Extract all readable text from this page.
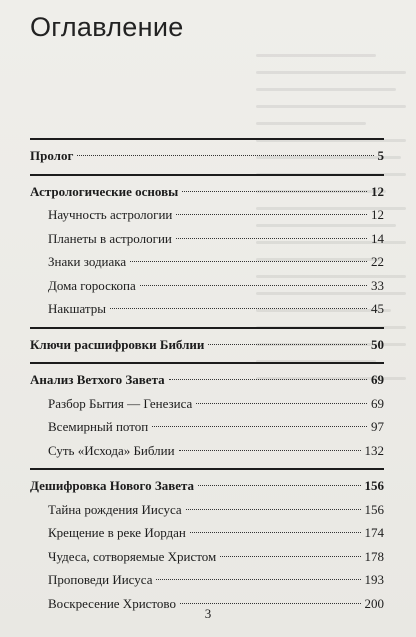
Оглавление
Пролог	5
Астрологические основы	12
Научность астрологии	12
Планеты в астрологии	14
Знаки зодиака	22
Дома гороскопа	33
Накшатры	45
Ключи расшифровки Библии	50
Анализ Ветхого Завета	69
Разбор Бытия — Генезиса	69
Всемирный потоп	97
Суть «Исхода» Библии	132
Дешифровка Нового Завета	156
Тайна рождения Иисуса	156
Крещение в реке Иордан	174
Чудеса, сотворяемые Христом	178
Проповеди Иисуса	193
Воскресение Христово	200
3
